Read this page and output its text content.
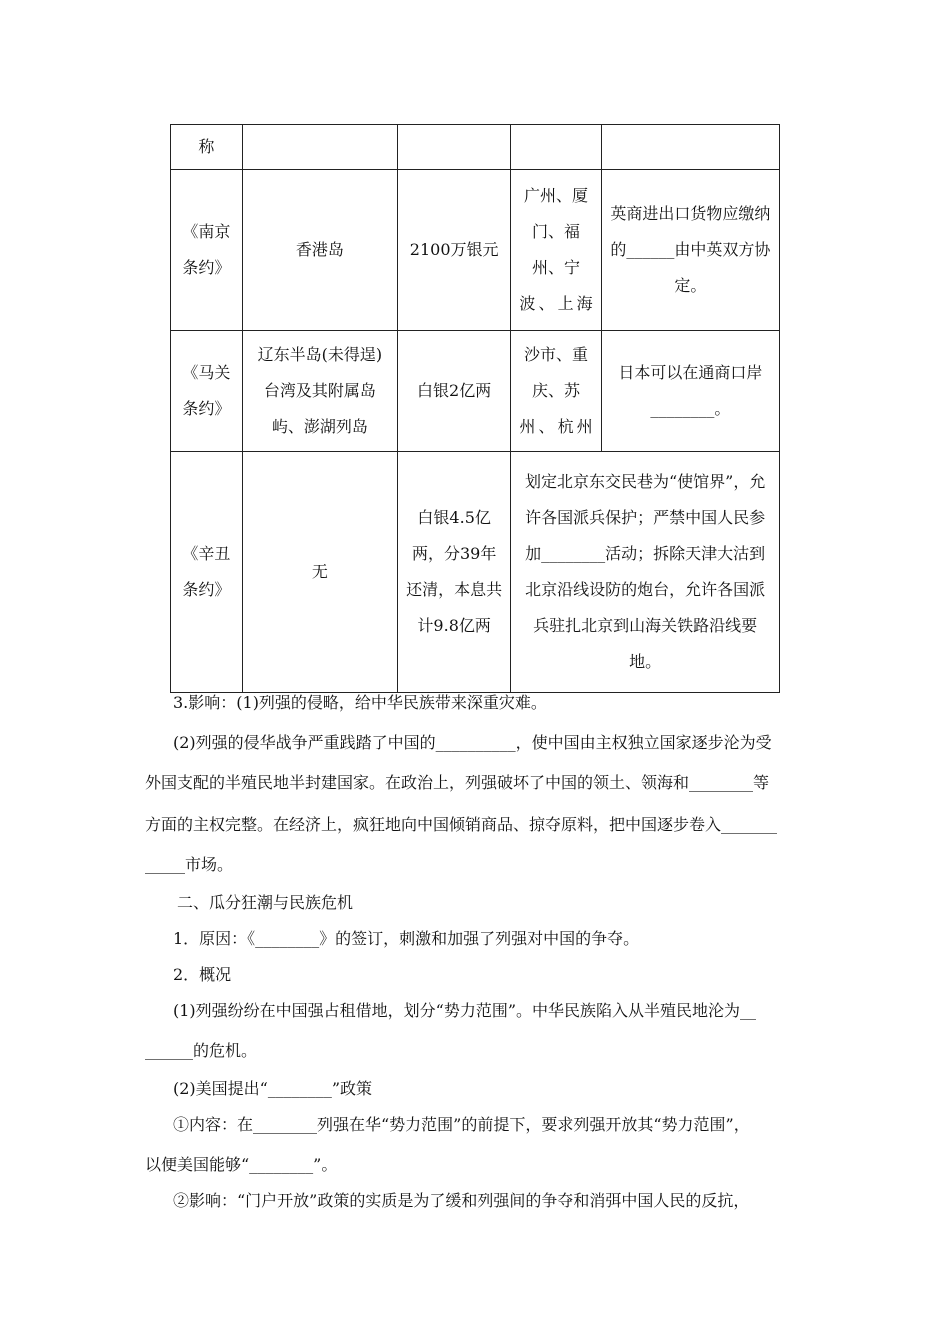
称				
《南京条约》	香港岛	2100万银元	广州、厦门、福州、宁波、上海	英商进出口货物应缴纳的______由中英双方协定。
《马关条约》	辽东半岛(未得逞)台湾及其附属岛屿、澎湖列岛	白银2亿两	沙市、重庆、苏州、杭州	日本可以在通商口岸________。
《辛丑条约》	无	白银4.5亿两，分39年还清，本息共计9.8亿两	划定北京东交民巷为“使馆界”，允许各国派兵保护；严禁中国人民参加________活动；拆除天津大沽到北京沿线设防的炮台，允许各国派兵驻扎北京到山海关铁路沿线要地。	
3.影响：(1)列强的侵略，给中华民族带来深重灾难。
(2)列强的侵华战争严重践踏了中国的__________，使中国由主权独立国家逐步沦为受
外国支配的半殖民地半封建国家。在政治上，列强破坏了中国的领土、领海和________等
方面的主权完整。在经济上，疯狂地向中国倾销商品、掠夺原料，把中国逐步卷入_______
_____市场。
二、瓜分狂潮与民族危机
1．原因：《________》的签订，刺激和加强了列强对中国的争夺。
2．概况
(1)列强纷纷在中国强占租借地，划分“势力范围”。中华民族陷入从半殖民地沦为__
______的危机。
(2)美国提出“________”政策
①内容：在________列强在华“势力范围”的前提下，要求列强开放其“势力范围”，
以便美国能够“________”。
②影响：“门户开放”政策的实质是为了缓和列强间的争夺和消弭中国人民的反抗，
